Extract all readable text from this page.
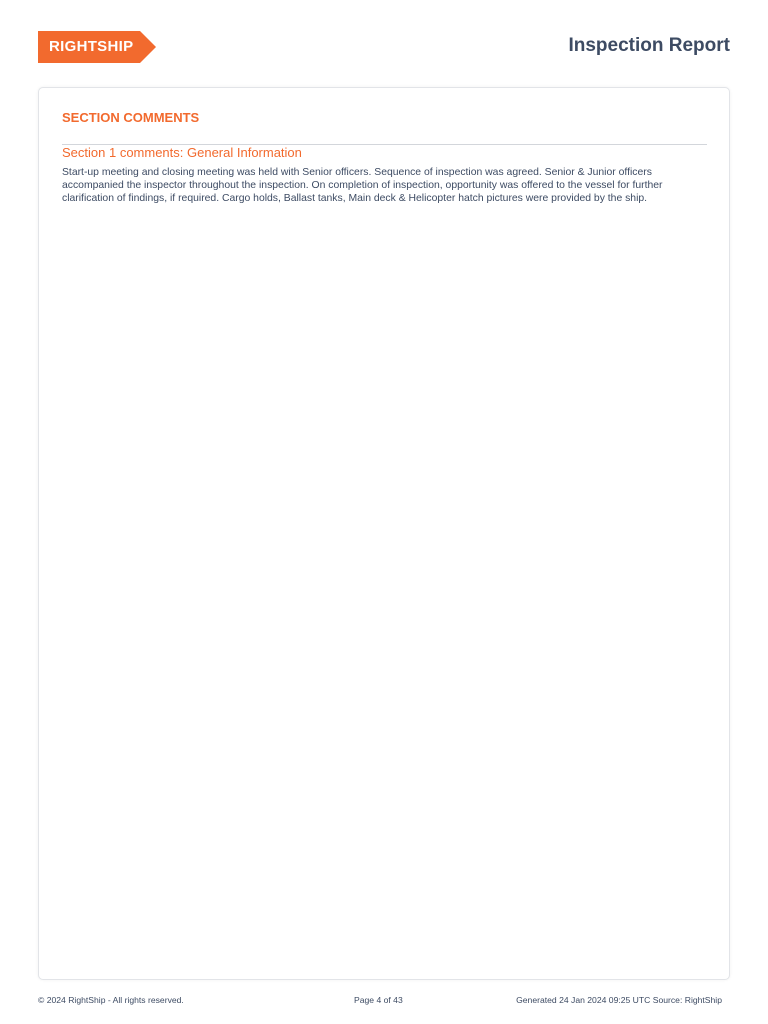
RIGHTSHIP	Inspection Report
SECTION COMMENTS
Section 1 comments: General Information

Start-up meeting and closing meeting was held with Senior officers. Sequence of inspection was agreed. Senior & Junior officers accompanied the inspector throughout the inspection. On completion of inspection, opportunity was offered to the vessel for further clarification of findings, if required. Cargo holds, Ballast tanks, Main deck & Helicopter hatch pictures were provided by the ship.

© 2024 RightShip - All rights reserved.	Page 4 of 43	Generated 24 Jan 2024 09:25 UTC Source: RightShip
